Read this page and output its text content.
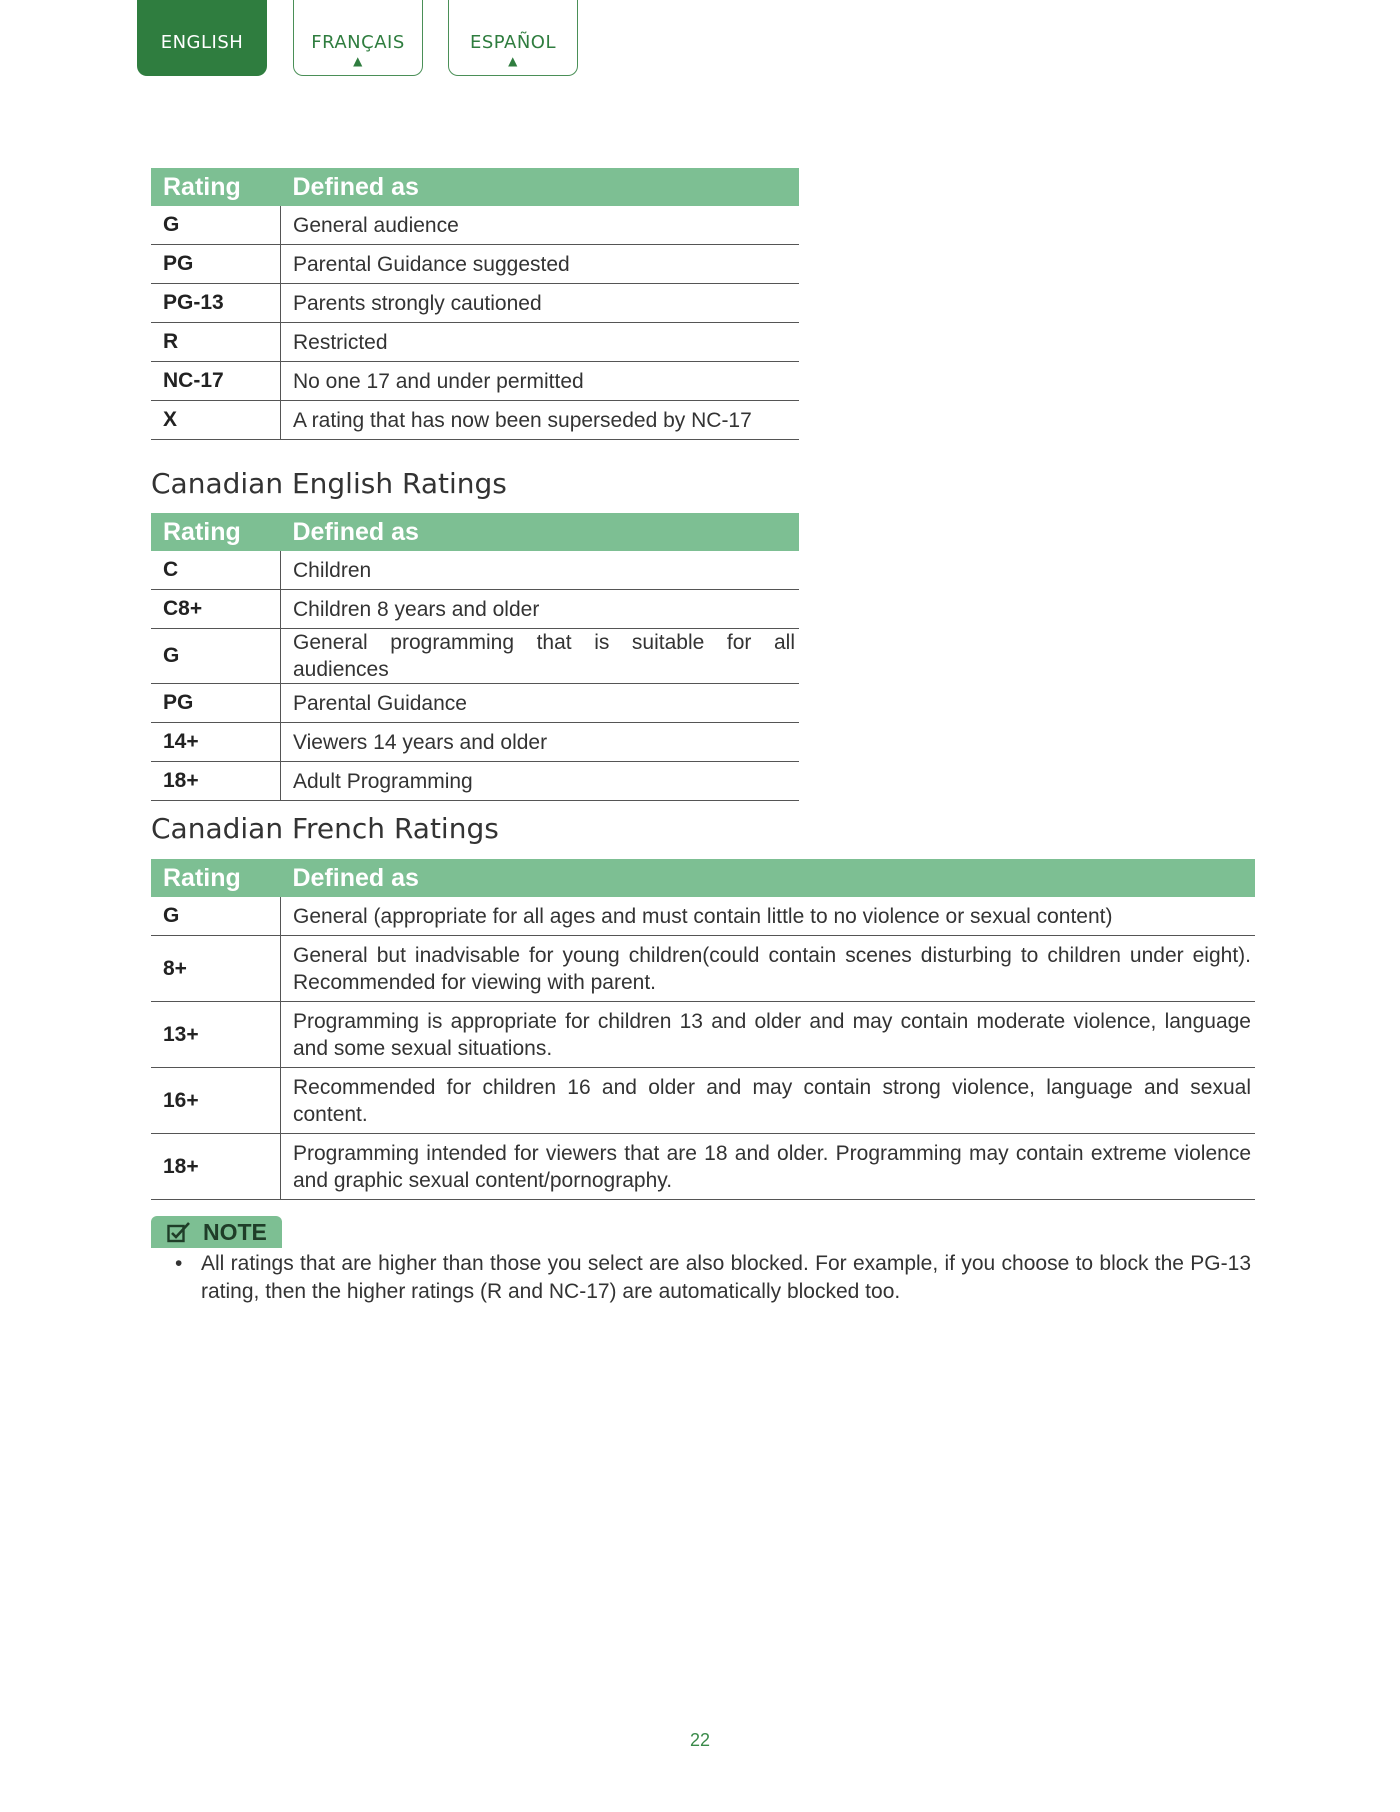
ENGLISH	FRANÇAIS
▲
ESPAÑOL
▲
Rating	Defined as
G	General audience
PG	Parental Guidance suggested
PG-13	Parents strongly cautioned
R	Restricted
NC-17	No one 17 and under permitted
X	A rating that has now been superseded by NC-17
Canadian English Ratings
Rating	Defined as
C	Children
C8+	Children 8 years and older
G	General programming that is suitable for all audiences
PG	Parental Guidance
14+	Viewers 14 years and older
18+	Adult Programming
Canadian French Ratings
Rating	Defined as
G	General (appropriate for all ages and must contain little to no violence or sexual content)
8+	General but inadvisable for young children(could contain scenes disturbing to children under eight). Recommended for viewing with parent.
13+	Programming is appropriate for children 13 and older and may contain moderate violence, language and some sexual situations.
16+	Recommended for children 16 and older and may contain strong violence, language and sexual content.
18+	Programming intended for viewers that are 18 and older. Programming may contain extreme violence and graphic sexual content/pornography.
NOTE
• All ratings that are higher than those you select are also blocked. For example, if you choose to block the PG-13 rating, then the higher ratings (R and NC-17) are automatically blocked too.
22
